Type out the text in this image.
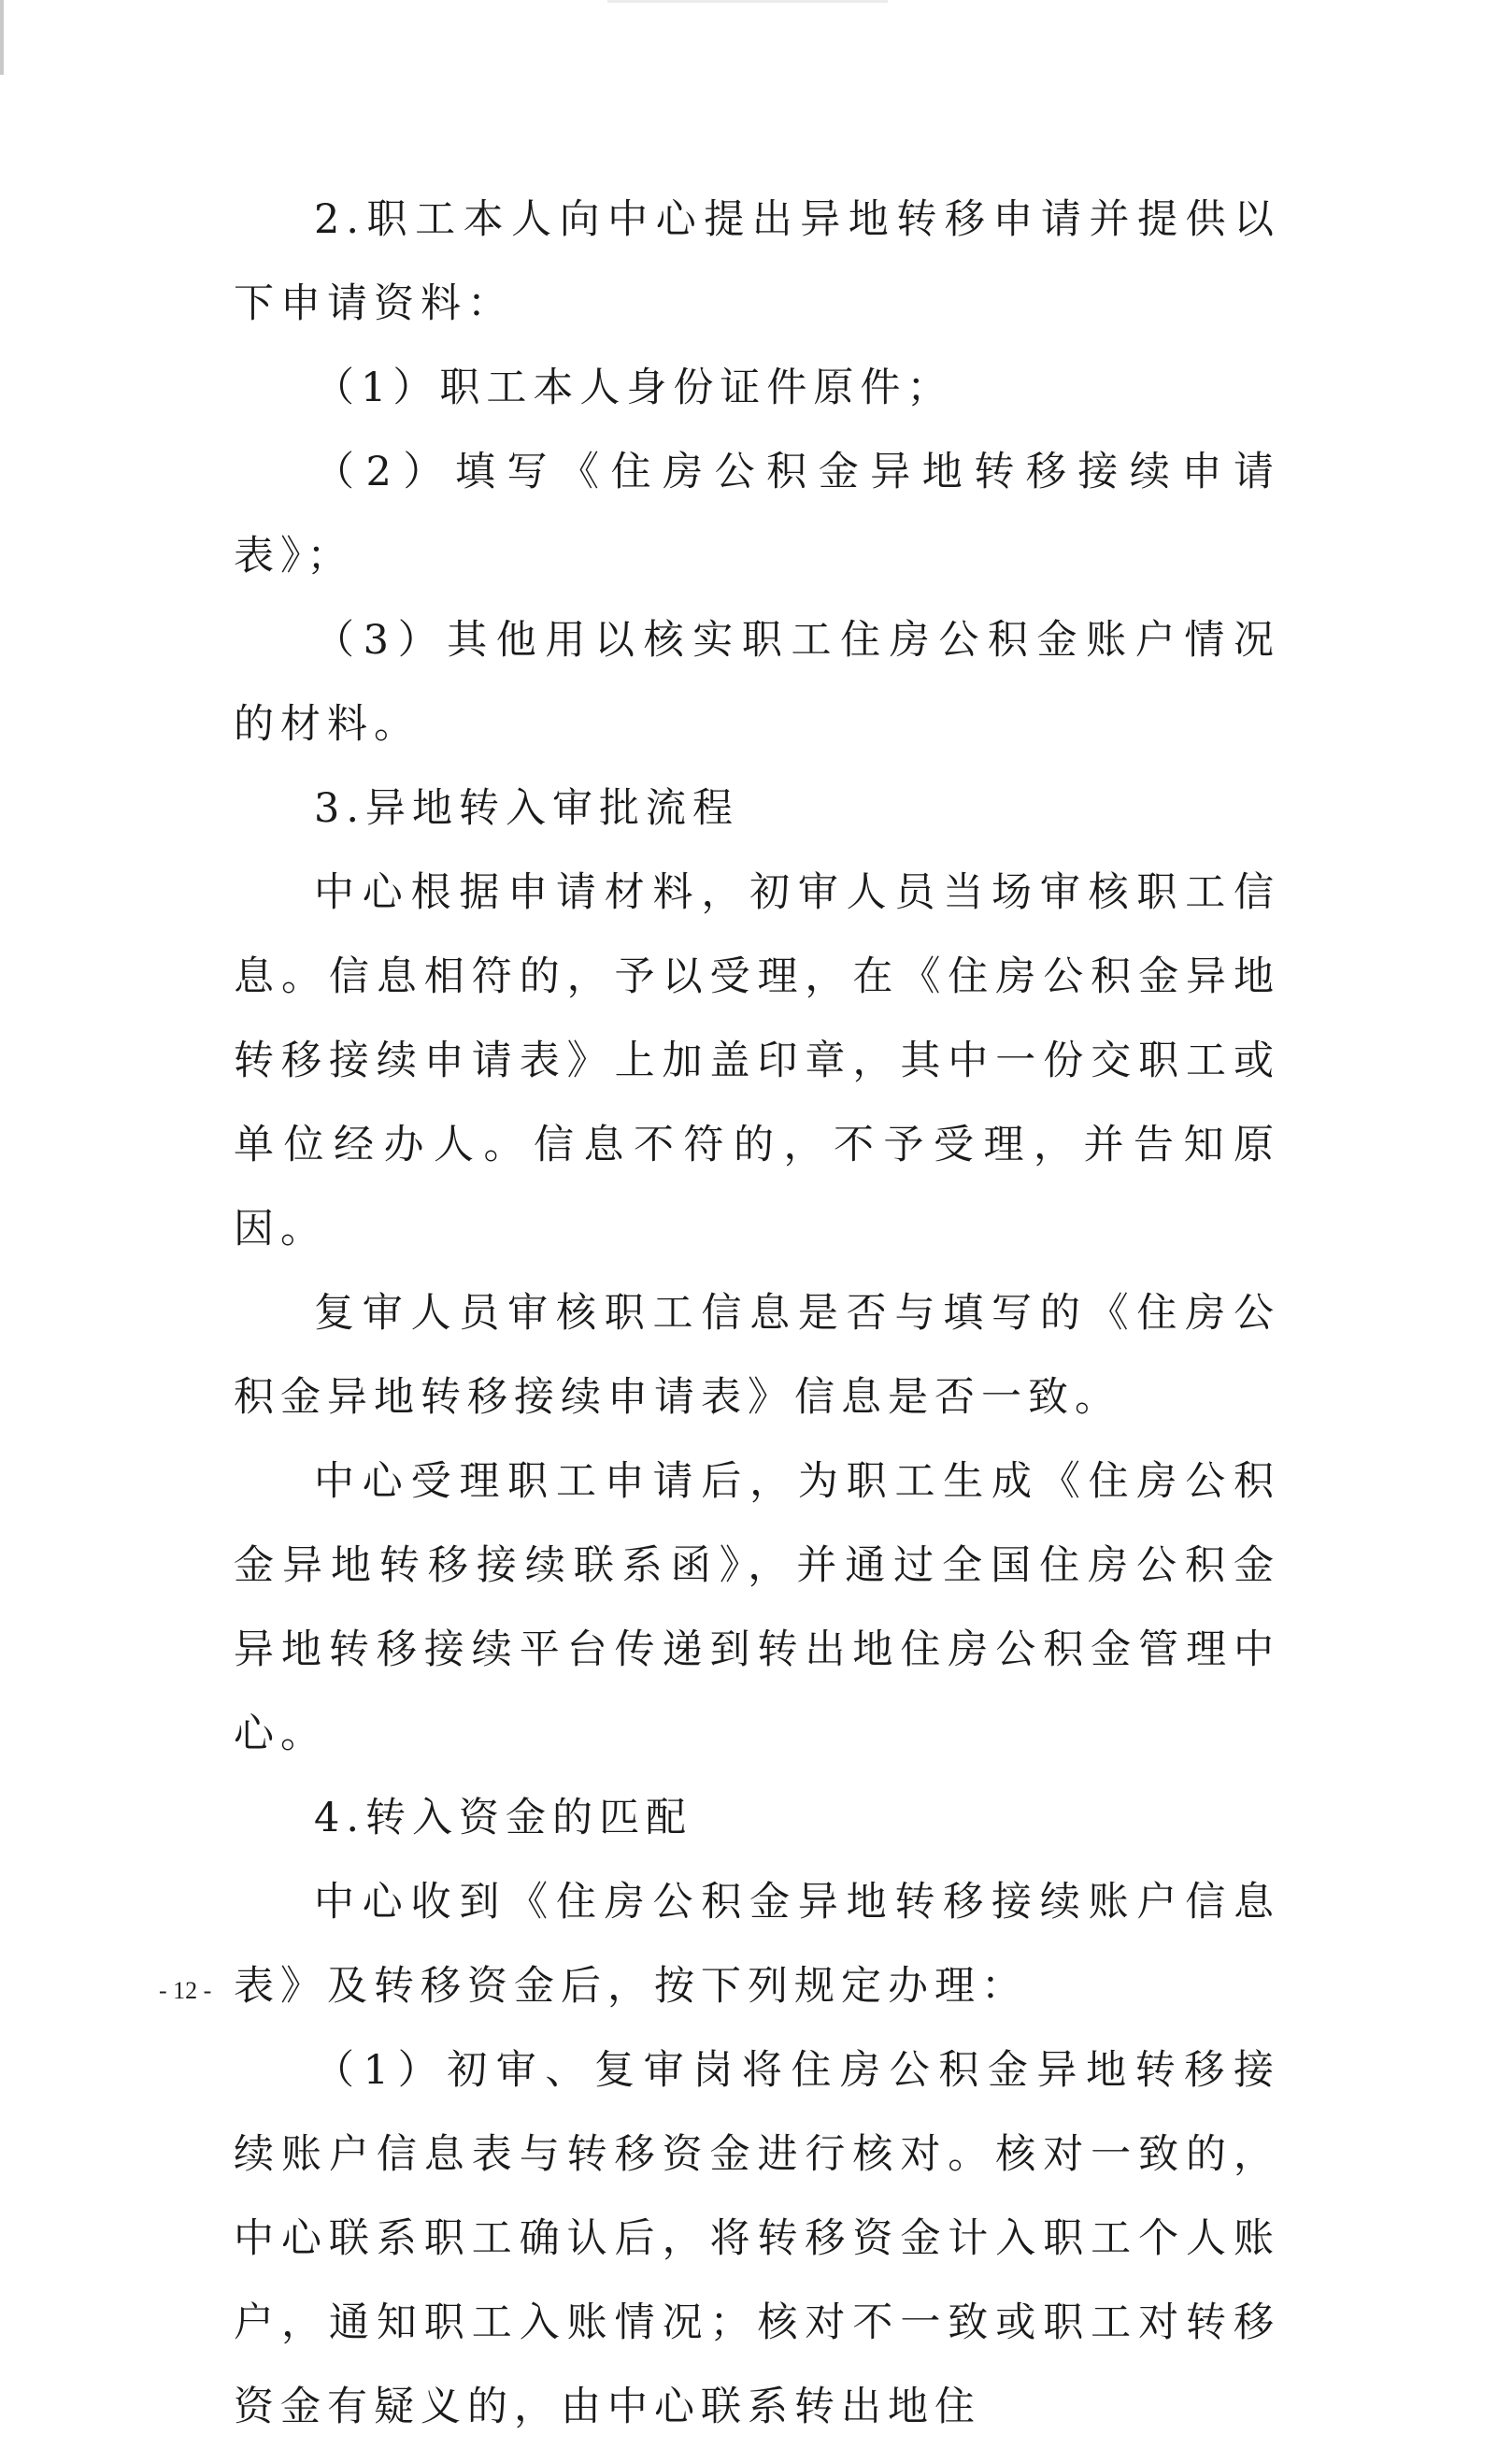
2.职工本人向中心提出异地转移申请并提供以下申请资料：

（1）职工本人身份证件原件；

（2）填写《住房公积金异地转移接续申请表》；

（3）其他用以核实职工住房公积金账户情况的材料。

3.异地转入审批流程

中心根据申请材料，初审人员当场审核职工信息。信息相符的，予以受理，在《住房公积金异地转移接续申请表》上加盖印章，其中一份交职工或单位经办人。信息不符的，不予受理，并告知原因。

复审人员审核职工信息是否与填写的《住房公积金异地转移接续申请表》信息是否一致。

中心受理职工申请后，为职工生成《住房公积金异地转移接续联系函》，并通过全国住房公积金异地转移接续平台传递到转出地住房公积金管理中心。

4.转入资金的匹配

中心收到《住房公积金异地转移接续账户信息表》及转移资金后，按下列规定办理：

（1）初审、复审岗将住房公积金异地转移接续账户信息表与转移资金进行核对。核对一致的，中心联系职工确认后，将转移资金计入职工个人账户，通知职工入账情况；核对不一致或职工对转移资金有疑义的，由中心联系转出地住

- 12 -
